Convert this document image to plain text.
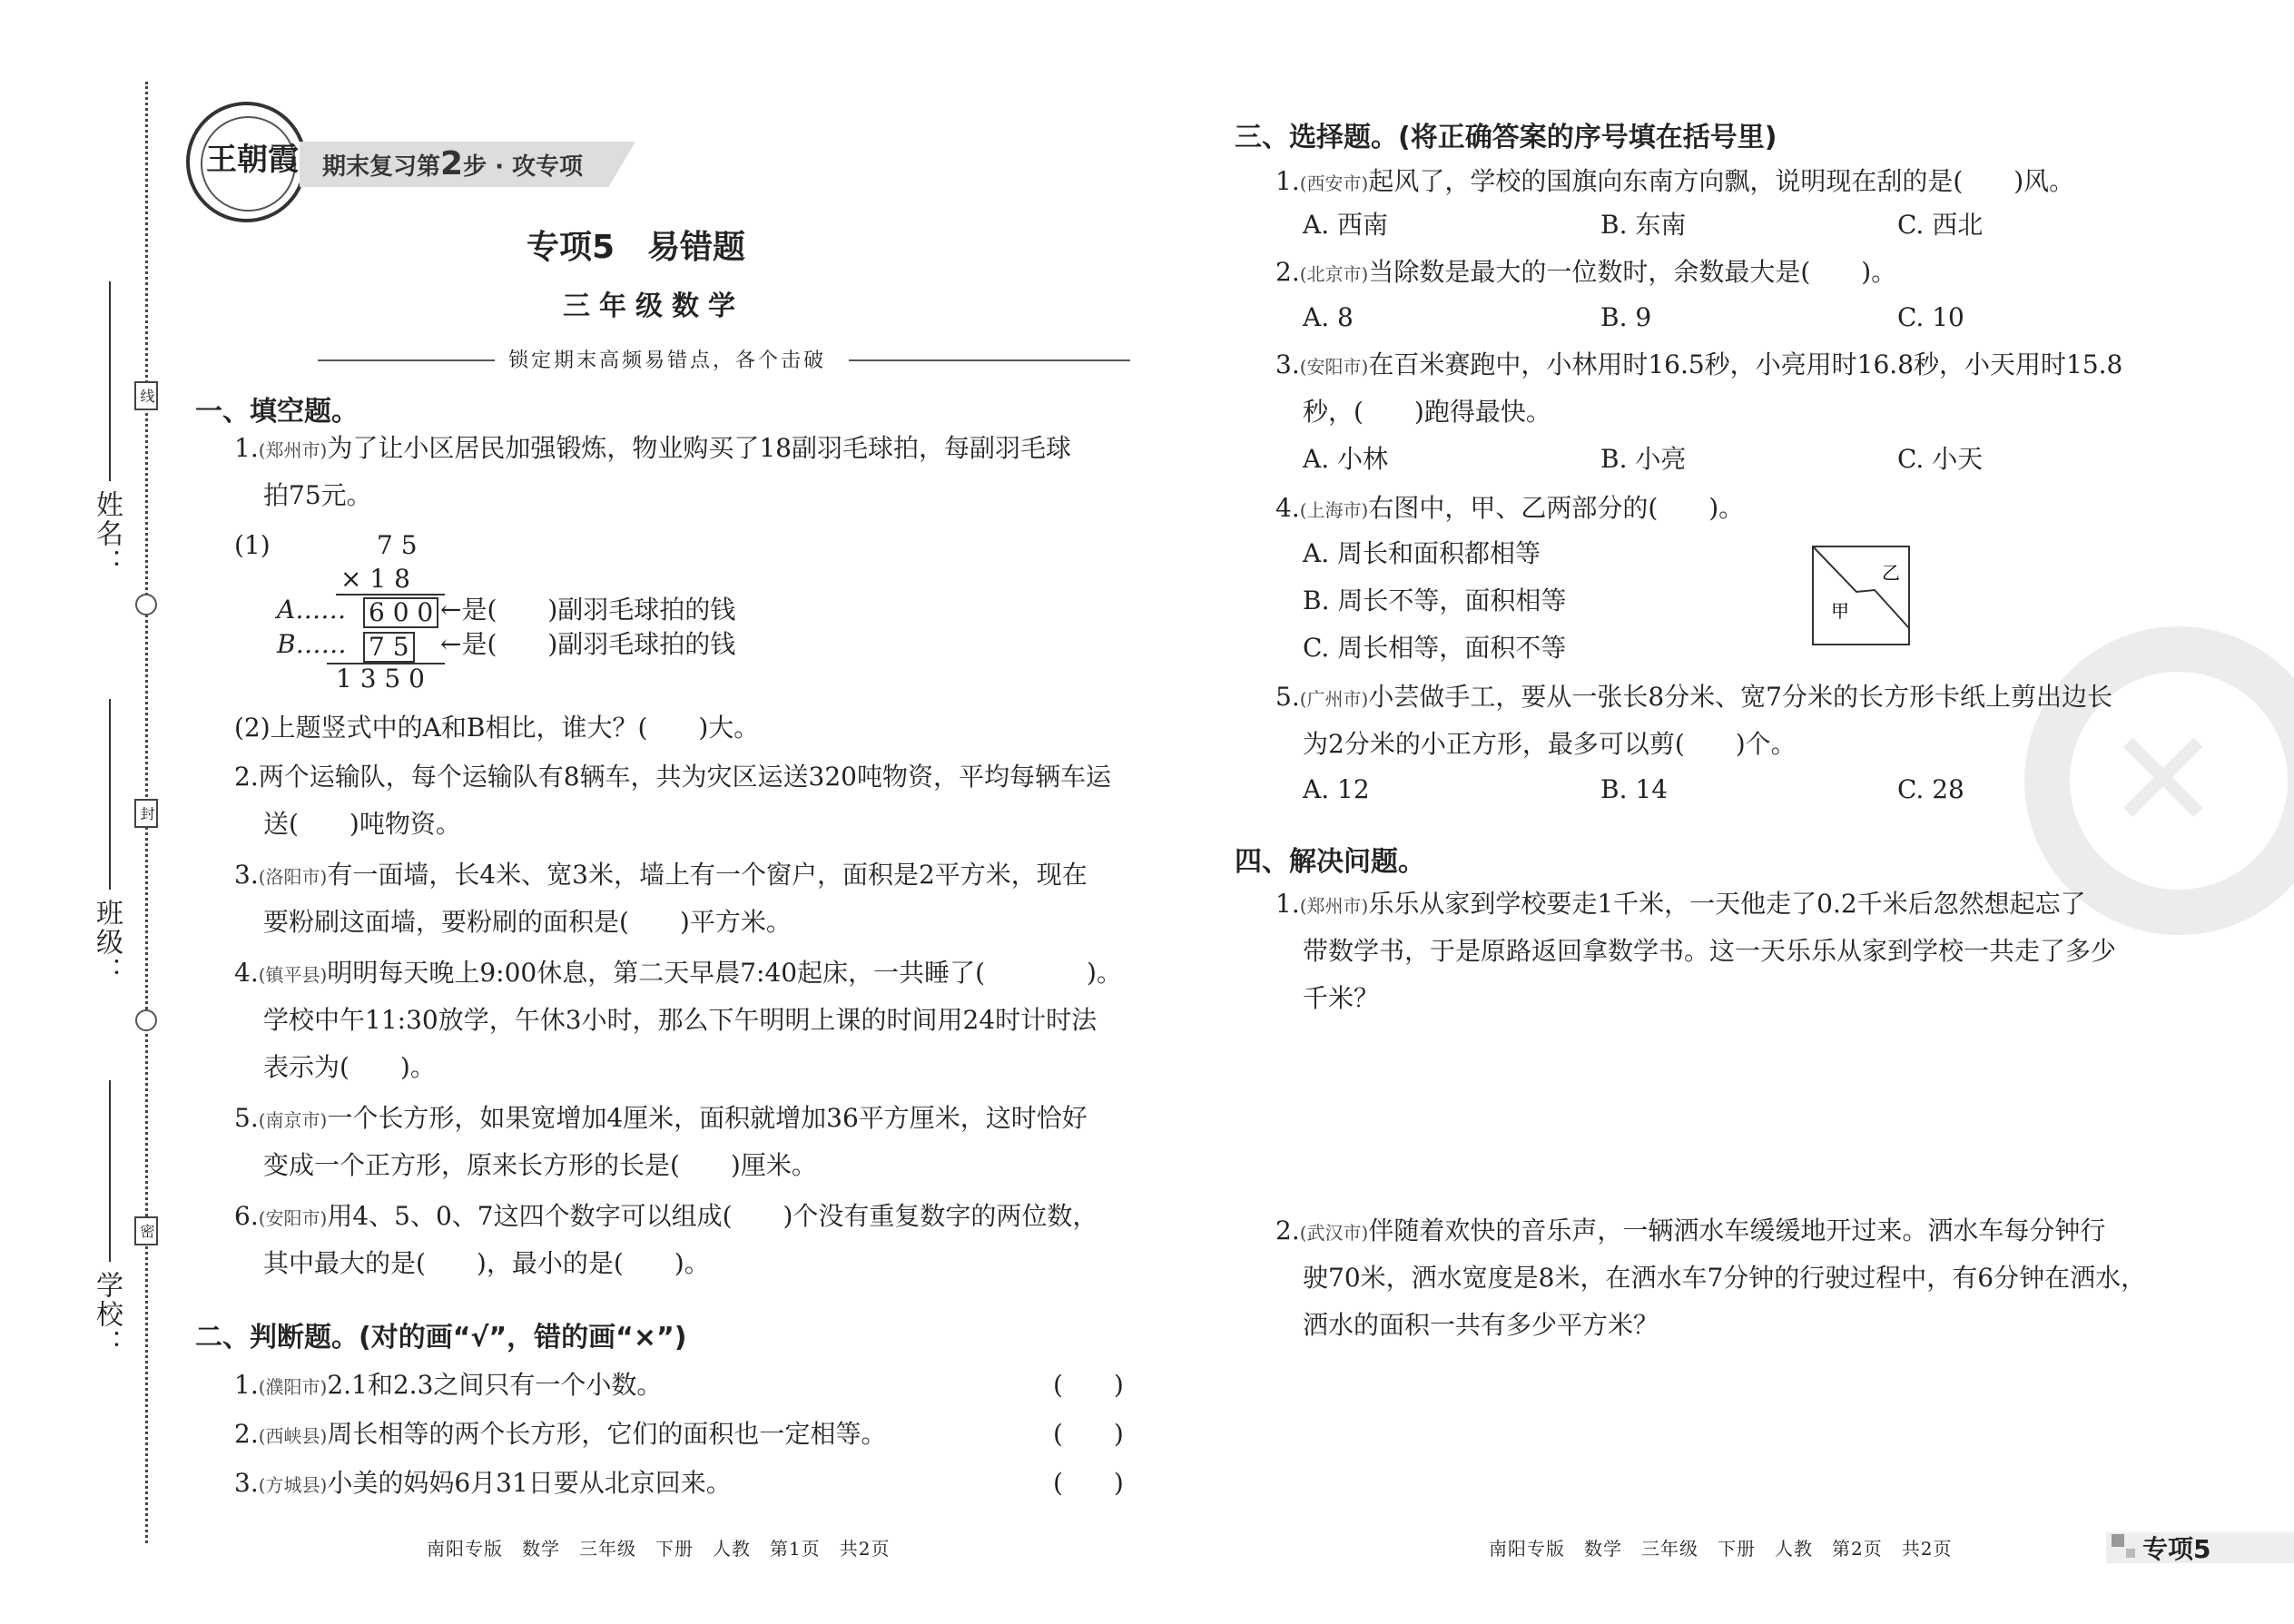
姓名：
班级：
学校：
线
封
密
王朝霞 期末复习第2步 · 攻专项
专项5　易错题
三年级数学
锁定期末高频易错点，各个击破
一、填空题。
1.(郑州市)为了让小区居民加强锻炼，物业购买了18副羽毛球拍，每副羽毛球
拍75元。
(1)	7 5
× 1 8
A…… 6 0 0 ←是(　　)副羽毛球拍的钱
B…… 7 5 ←是(　　)副羽毛球拍的钱
1 3 5 0
(2)上题竖式中的A和B相比，谁大？(　　)大。
2.两个运输队，每个运输队有8辆车，共为灾区运送320吨物资，平均每辆车运
送(　　)吨物资。
3.(洛阳市)有一面墙，长4米、宽3米，墙上有一个窗户，面积是2平方米，现在
要粉刷这面墙，要粉刷的面积是(　　)平方米。
4.(镇平县)明明每天晚上9:00休息，第二天早晨7:40起床，一共睡了(　　　　)。
学校中午11:30放学，午休3小时，那么下午明明上课的时间用24时计时法
表示为(　　)。
5.(南京市)一个长方形，如果宽增加4厘米，面积就增加36平方厘米，这时恰好
变成一个正方形，原来长方形的长是(　　)厘米。
6.(安阳市)用4、5、0、7这四个数字可以组成(　　)个没有重复数字的两位数，
其中最大的是(　　)，最小的是(　　)。
二、判断题。(对的画“√”，错的画“×”)
1.(濮阳市)2.1和2.3之间只有一个小数。	(　　)
2.(西峡县)周长相等的两个长方形，它们的面积也一定相等。	(　　)
3.(方城县)小美的妈妈6月31日要从北京回来。	(　　)
南阳专版　数学　三年级　下册　人教　第1页　共2页
✕
三、选择题。(将正确答案的序号填在括号里)
1.(西安市)起风了，学校的国旗向东南方向飘，说明现在刮的是(　　)风。
A. 西南	B. 东南	C. 西北
2.(北京市)当除数是最大的一位数时，余数最大是(　　)。
A. 8	B. 9	C. 10
3.(安阳市)在百米赛跑中，小林用时16.5秒，小亮用时16.8秒，小天用时15.8
秒，(　　)跑得最快。
A. 小林	B. 小亮	C. 小天
4.(上海市)右图中，甲、乙两部分的(　　)。
A. 周长和面积都相等
B. 周长不等，面积相等
C. 周长相等，面积不等
甲
乙
5.(广州市)小芸做手工，要从一张长8分米、宽7分米的长方形卡纸上剪出边长
为2分米的小正方形，最多可以剪(　　)个。
A. 12	B. 14	C. 28
四、解决问题。
1.(郑州市)乐乐从家到学校要走1千米，一天他走了0.2千米后忽然想起忘了
带数学书，于是原路返回拿数学书。这一天乐乐从家到学校一共走了多少
千米？
2.(武汉市)伴随着欢快的音乐声，一辆洒水车缓缓地开过来。洒水车每分钟行
驶70米，洒水宽度是8米，在洒水车7分钟的行驶过程中，有6分钟在洒水，
洒水的面积一共有多少平方米？
南阳专版　数学　三年级　下册　人教　第2页　共2页	专项5
